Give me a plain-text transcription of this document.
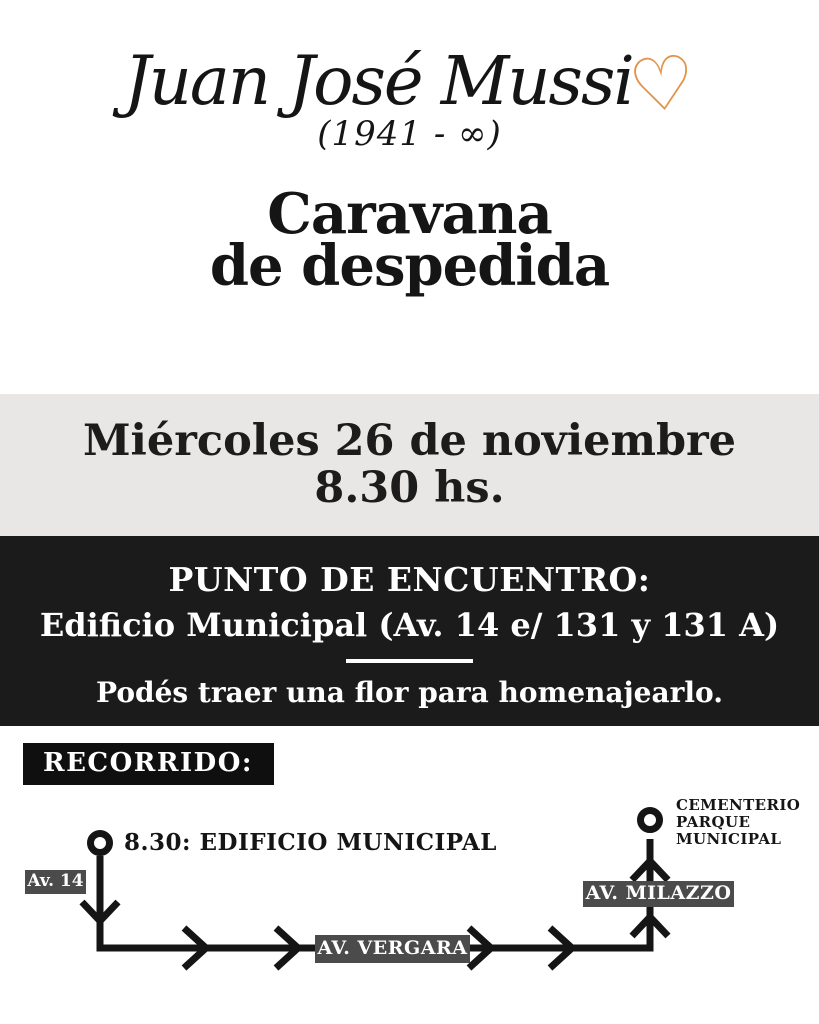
Juan José Mussi
♡
(1941 - ∞)
Caravana
de despedida
Miércoles 26 de noviembre
8.30 hs.
PUNTO DE ENCUENTRO:
Edificio Municipal (Av. 14 e/ 131 y 131 A)
Podés traer una flor para homenajearlo.
RECORRIDO:
8.30: EDIFICIO MUNICIPAL
Av. 14
AV. VERGARA
AV. MILAZZO
CEMENTERIO
PARQUE
MUNICIPAL
